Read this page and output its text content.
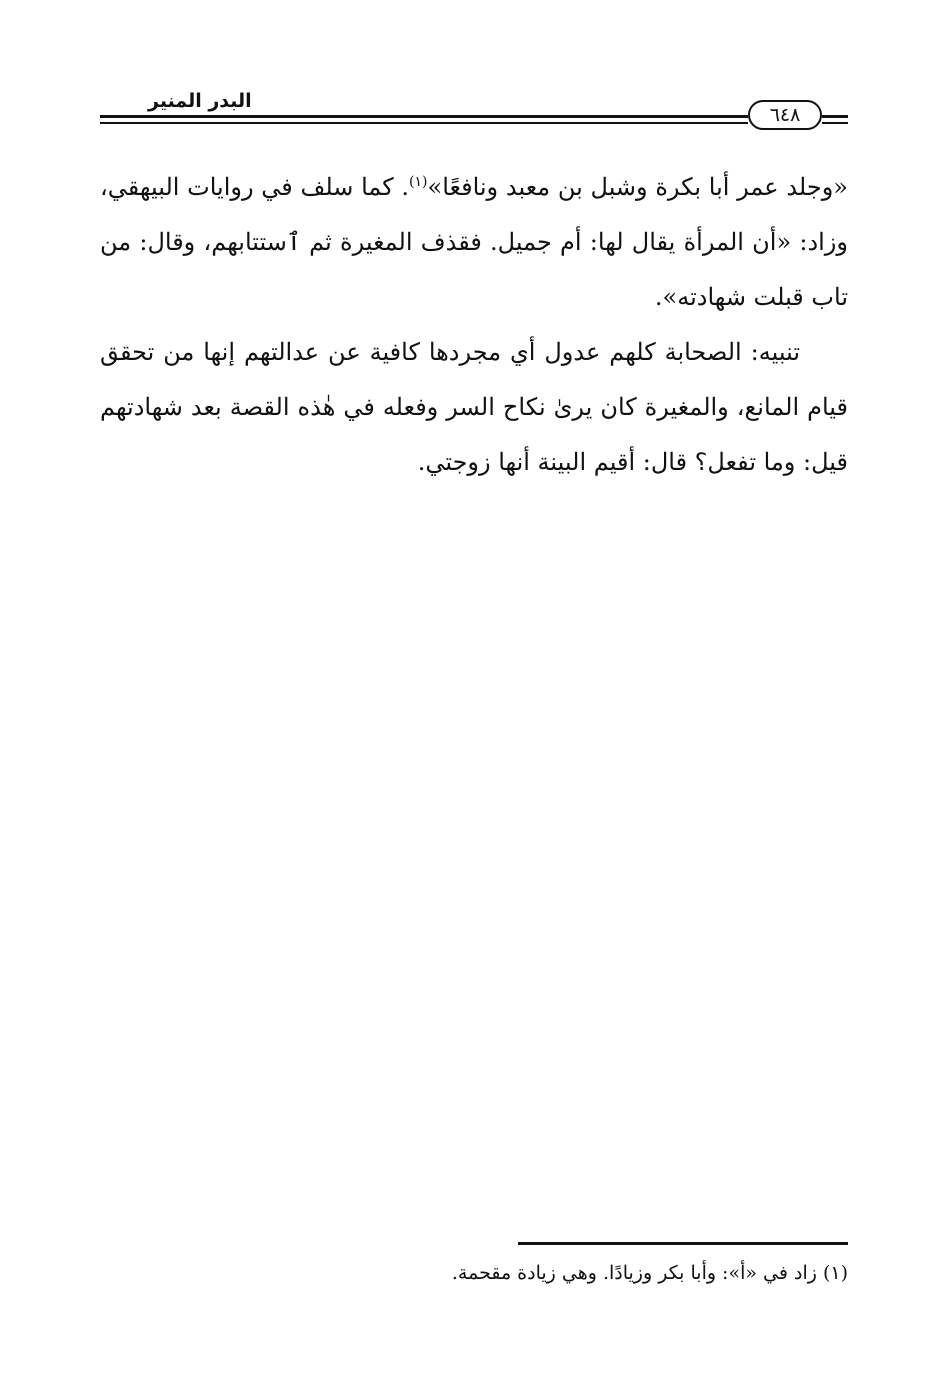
البدر المنير
٦٤٨

«وجلد عمر أبا بكرة وشبل بن معبد ونافعًا»$^{(١)}$. كما سلف في روايات البيهقي، وزاد: «أن المرأة يقال لها: أم جميل. فقذف المغيرة ثم ٱستتابهم، وقال: من تاب قبلت شهادته».

تنبيه: الصحابة كلهم عدول أي مجردها كافية عن عدالتهم إنها من تحقق قيام المانع، والمغيرة كان يرىٰ نكاح السر وفعله في هٰذه القصة بعد شهادتهم قيل: وما تفعل؟ قال: أقيم البينة أنها زوجتي.

(١) زاد في «أ»: وأبا بكر وزيادًا. وهي زيادة مقحمة.
